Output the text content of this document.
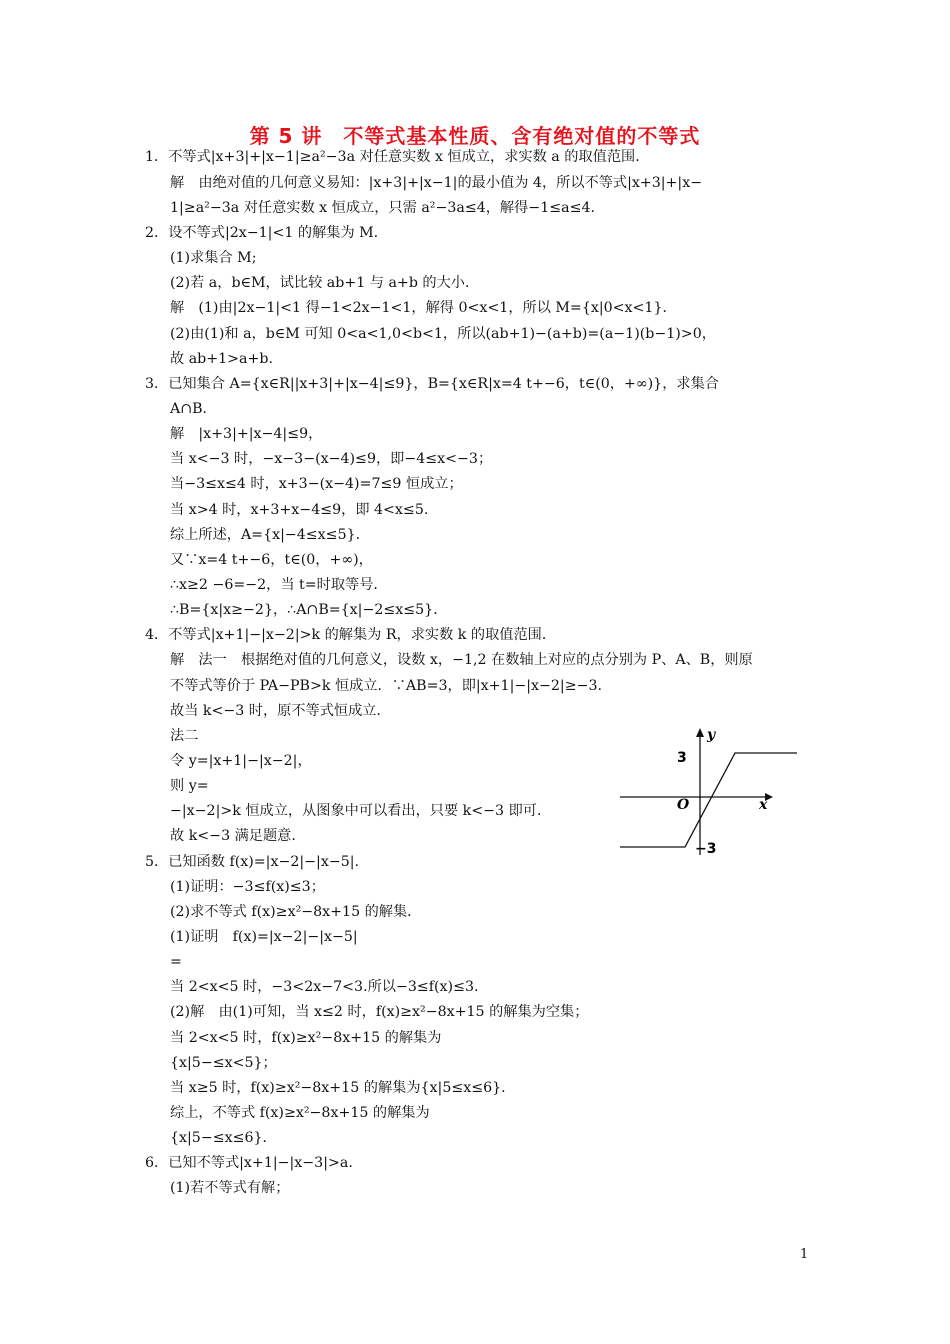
第 5 讲　不等式基本性质、含有绝对值的不等式
1．不等式|x+3|+|x−1|≥a²−3a 对任意实数 x 恒成立，求实数 a 的取值范围．
解　由绝对值的几何意义易知：|x+3|+|x−1|的最小值为 4，所以不等式|x+3|+|x−
1|≥a²−3a 对任意实数 x 恒成立，只需 a²−3a≤4，解得−1≤a≤4.
2．设不等式|2x−1|<1 的解集为 M.
(1)求集合 M;
(2)若 a，b∈M，试比较 ab+1 与 a+b 的大小．
解　(1)由|2x−1|<1 得−1<2x−1<1，解得 0<x<1，所以 M={x|0<x<1}．
(2)由(1)和 a，b∈M 可知 0<a<1,0<b<1，所以(ab+1)−(a+b)=(a−1)(b−1)>0，
故 ab+1>a+b.
3．已知集合 A={x∈R||x+3|+|x−4|≤9}，B={x∈R|x=4 t+−6，t∈(0，+∞)}，求集合
A∩B.
解　|x+3|+|x−4|≤9，
当 x<−3 时，−x−3−(x−4)≤9，即−4≤x<−3；
当−3≤x≤4 时，x+3−(x−4)=7≤9 恒成立；
当 x>4 时，x+3+x−4≤9，即 4<x≤5.
综上所述，A={x|−4≤x≤5}．
又∵x=4 t+−6，t∈(0，+∞)，
∴x≥2 −6=−2，当 t=时取等号．
∴B={x|x≥−2}，∴A∩B={x|−2≤x≤5}．
4．不等式|x+1|−|x−2|>k 的解集为 R，求实数 k 的取值范围．
解　法一　根据绝对值的几何意义，设数 x，−1,2 在数轴上对应的点分别为 P、A、B，则原
不等式等价于 PA−PB>k 恒成立．∵AB=3，即|x+1|−|x−2|≥−3.
故当 k<−3 时，原不等式恒成立．
法二
令 y=|x+1|−|x−2|，
则 y=
−|x−2|>k 恒成立，从图象中可以看出，只要 k<−3 即可．
故 k<−3 满足题意．
5．已知函数 f(x)=|x−2|−|x−5|.
(1)证明：−3≤f(x)≤3；
(2)求不等式 f(x)≥x²−8x+15 的解集．
(1)证明　f(x)=|x−2|−|x−5|
=
当 2<x<5 时，−3<2x−7<3.所以−3≤f(x)≤3.
(2)解　由(1)可知，当 x≤2 时，f(x)≥x²−8x+15 的解集为空集；
当 2<x<5 时，f(x)≥x²−8x+15 的解集为
{x|5−≤x<5}；
当 x≥5 时，f(x)≥x²−8x+15 的解集为{x|5≤x≤6}．
综上，不等式 f(x)≥x²−8x+15 的解集为
{x|5−≤x≤6}．
6．已知不等式|x+1|−|x−3|>a.
(1)若不等式有解；
y
x
O
3
−3
1
